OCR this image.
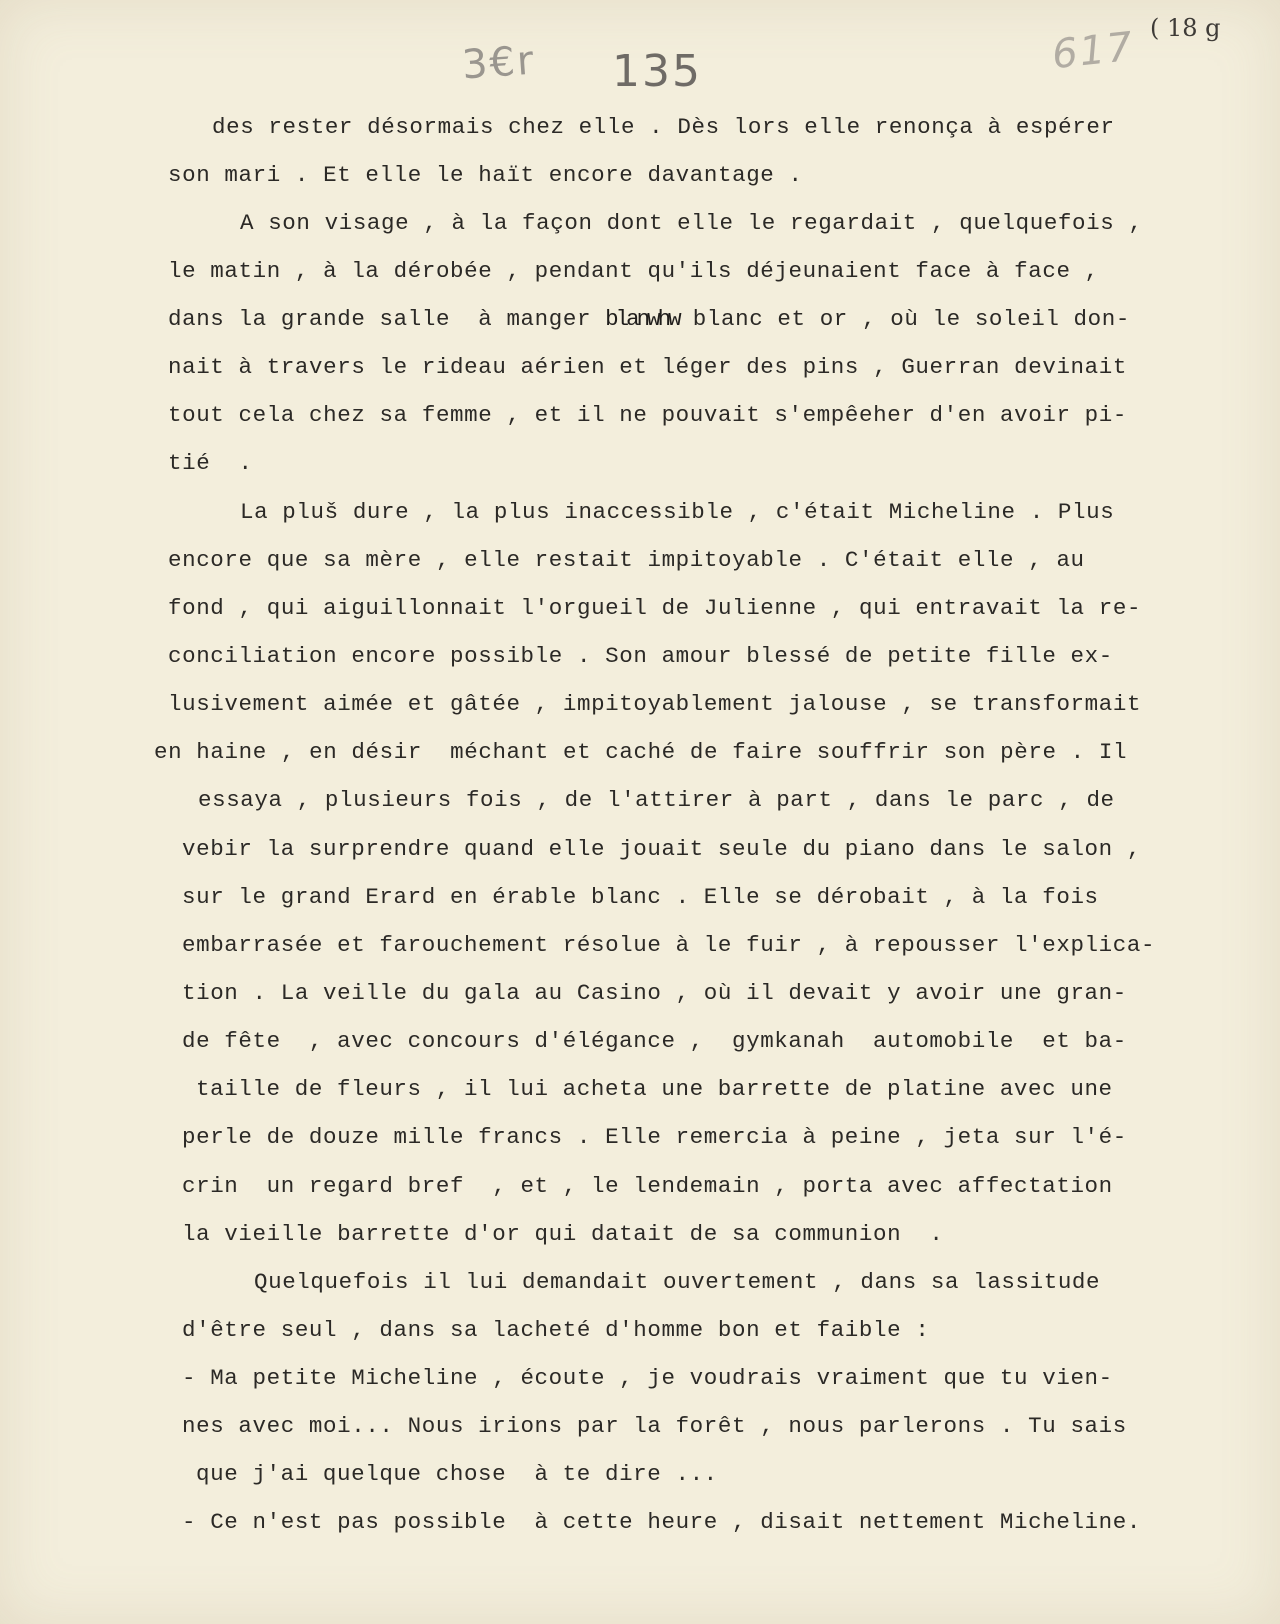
3€r 135	617 ( 18 g
des rester désormais chez elle . Dès lors elle renonça à espérer
son mari . Et elle le haït encore davantage .
A son visage , à la façon dont elle le regardait , quelquefois ,
le matin , à la dérobée , pendant qu'ils déjeunaient face à face ,
dans la grande salle  à manger blanwhw blanc et or , où le soleil don-
nait à travers le rideau aérien et léger des pins , Guerran devinait
tout cela chez sa femme , et il ne pouvait s'empêeher d'en avoir pi-
tié  .
La pluš dure , la plus inaccessible , c'était Micheline . Plus
encore que sa mère , elle restait impitoyable . C'était elle , au
fond , qui aiguillonnait l'orgueil de Julienne , qui entravait la re-
conciliation encore possible . Son amour blessé de petite fille ex-
lusivement aimée et gâtée , impitoyablement jalouse , se transformait
en haine , en désir  méchant et caché de faire souffrir son père . Il
essaya , plusieurs fois , de l'attirer à part , dans le parc , de
vebir la surprendre quand elle jouait seule du piano dans le salon ,
sur le grand Erard en érable blanc . Elle se dérobait , à la fois
embarrasée et farouchement résolue à le fuir , à repousser l'explica-
tion . La veille du gala au Casino , où il devait y avoir une gran-
de fête  , avec concours d'élégance ,  gymkanah  automobile  et ba-
taille de fleurs , il lui acheta une barrette de platine avec une
perle de douze mille francs . Elle remercia à peine , jeta sur l'é-
crin  un regard bref  , et , le lendemain , porta avec affectation
la vieille barrette d'or qui datait de sa communion  .
Quelquefois il lui demandait ouvertement , dans sa lassitude
d'être seul , dans sa lacheté d'homme bon et faible :
- Ma petite Micheline , écoute , je voudrais vraiment que tu vien-
nes avec moi... Nous irions par la forêt , nous parlerons . Tu sais
que j'ai quelque chose  à te dire ...
- Ce n'est pas possible  à cette heure , disait nettement Micheline.
